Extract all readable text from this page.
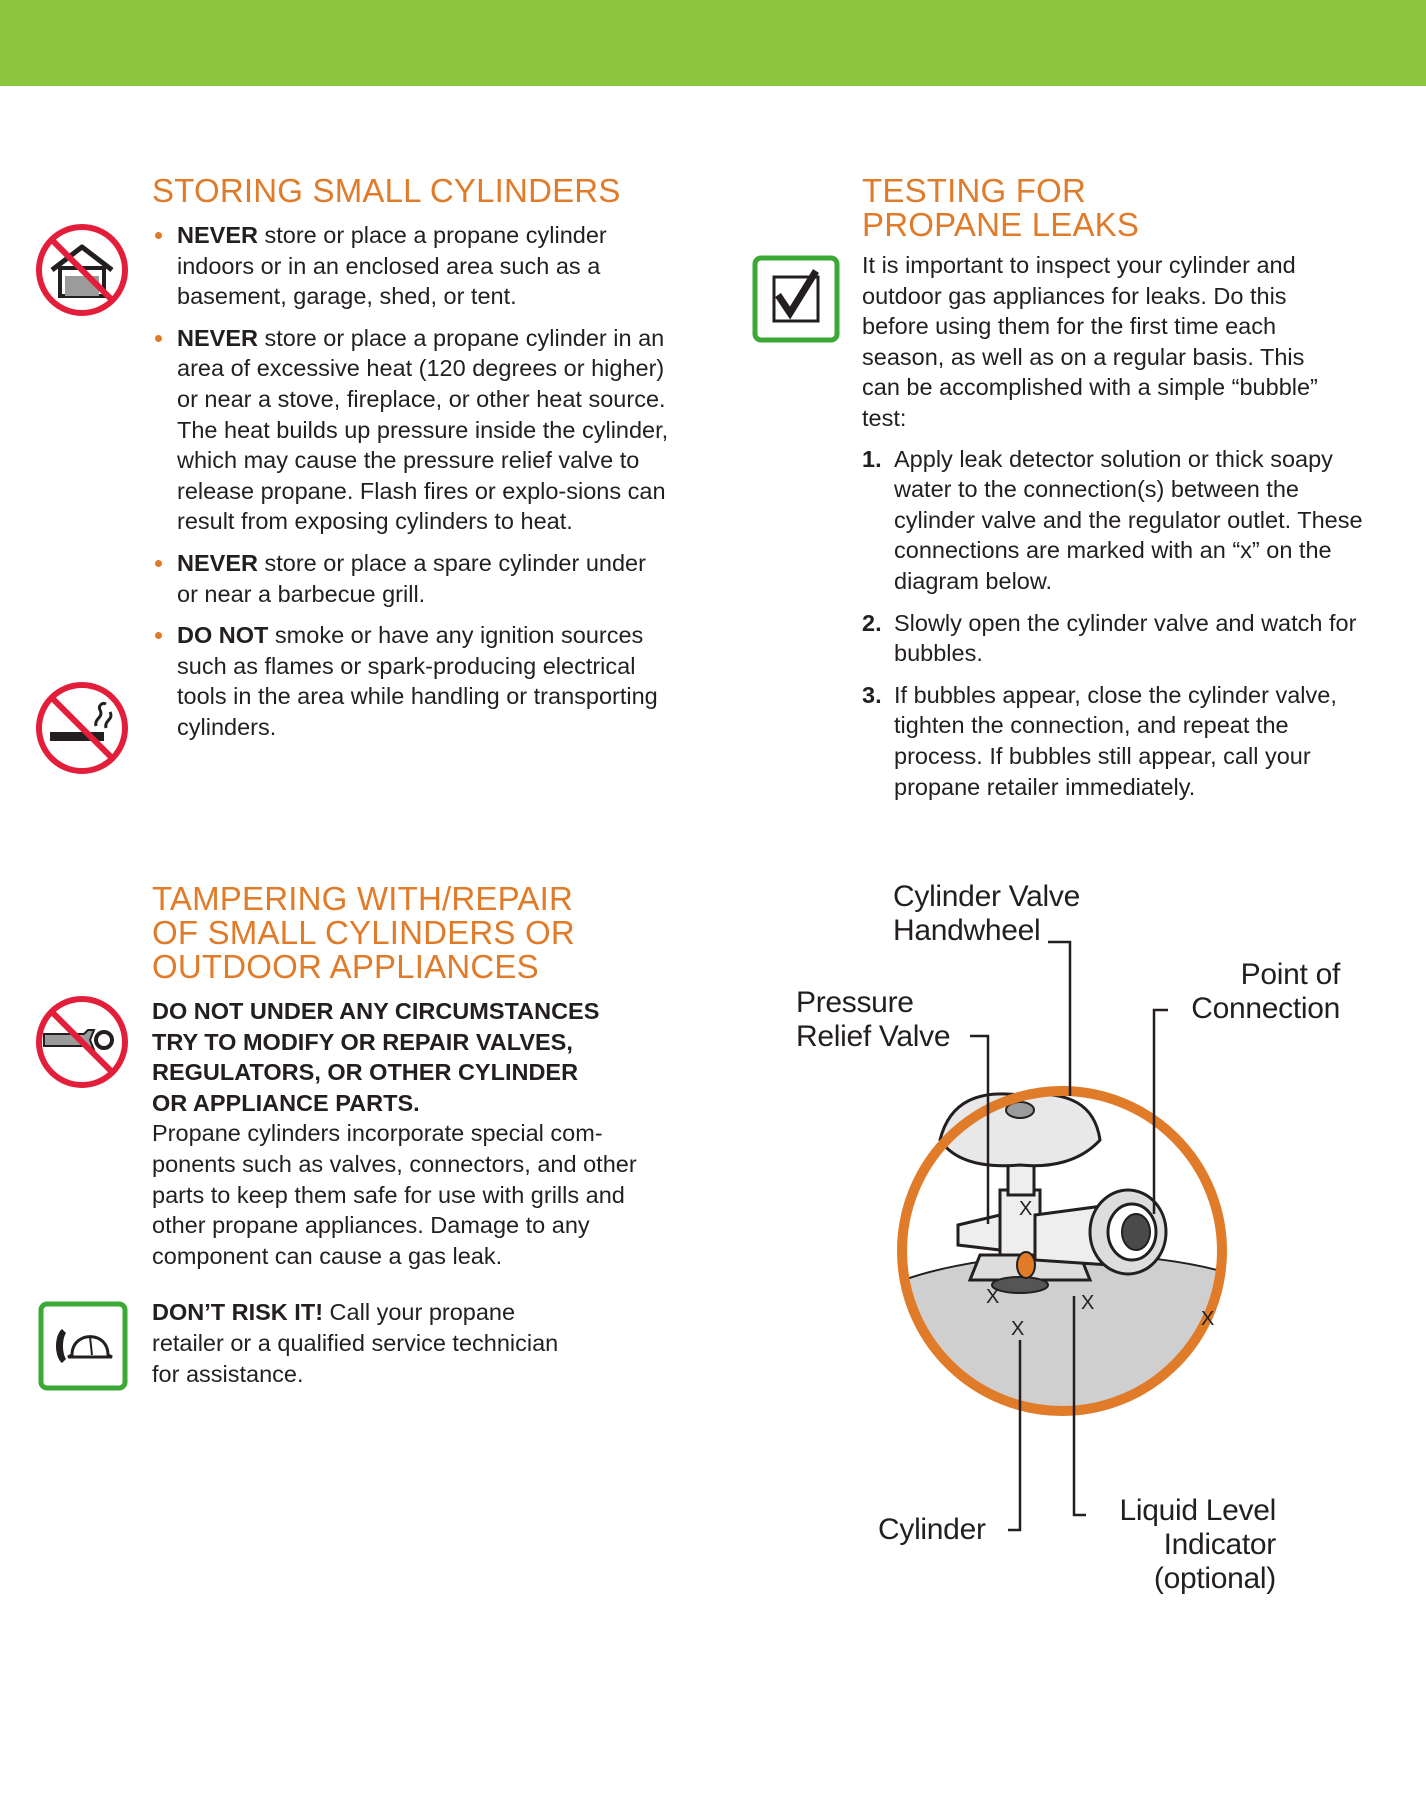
STORING SMALL CYLINDERS
NEVER store or place a propane cylinder indoors or in an enclosed area such as a basement, garage, shed, or tent.
NEVER store or place a propane cylinder in an area of excessive heat (120 degrees or higher) or near a stove, fireplace, or other heat source. The heat builds up pressure inside the cylinder, which may cause the pressure relief valve to release propane. Flash fires or explo-sions can result from exposing cylinders to heat.
NEVER store or place a spare cylinder under or near a barbecue grill.
DO NOT smoke or have any ignition sources such as flames or spark-producing electrical tools in the area while handling or transporting cylinders.
TAMPERING WITH/REPAIR
OF SMALL CYLINDERS OR
OUTDOOR APPLIANCES
DO NOT UNDER ANY CIRCUMSTANCES
TRY TO MODIFY OR REPAIR VALVES,
REGULATORS, OR OTHER CYLINDER
OR APPLIANCE PARTS.
Propane cylinders incorporate special com-ponents such as valves, connectors, and other parts to keep them safe for use with grills and other propane appliances. Damage to any component can cause a gas leak.
DON’T RISK IT! Call your propane retailer or a qualified service technician for assistance.
TESTING FOR
PROPANE LEAKS
It is important to inspect your cylinder and outdoor gas appliances for leaks. Do this before using them for the first time each season, as well as on a regular basis. This can be accomplished with a simple “bubble” test:
1. Apply leak detector solution or thick soapy water to the connection(s) between the cylinder valve and the regulator outlet. These connections are marked with an “x” on the diagram below.
2. Slowly open the cylinder valve and watch for bubbles.
3. If bubbles appear, close the cylinder valve, tighten the connection, and repeat the process. If bubbles still appear, call your propane retailer immediately.
X
X
X
X
X
Cylinder Valve
Handwheel
Pressure
Relief Valve
Point of
Connection
Cylinder
Liquid Level
Indicator
(optional)
